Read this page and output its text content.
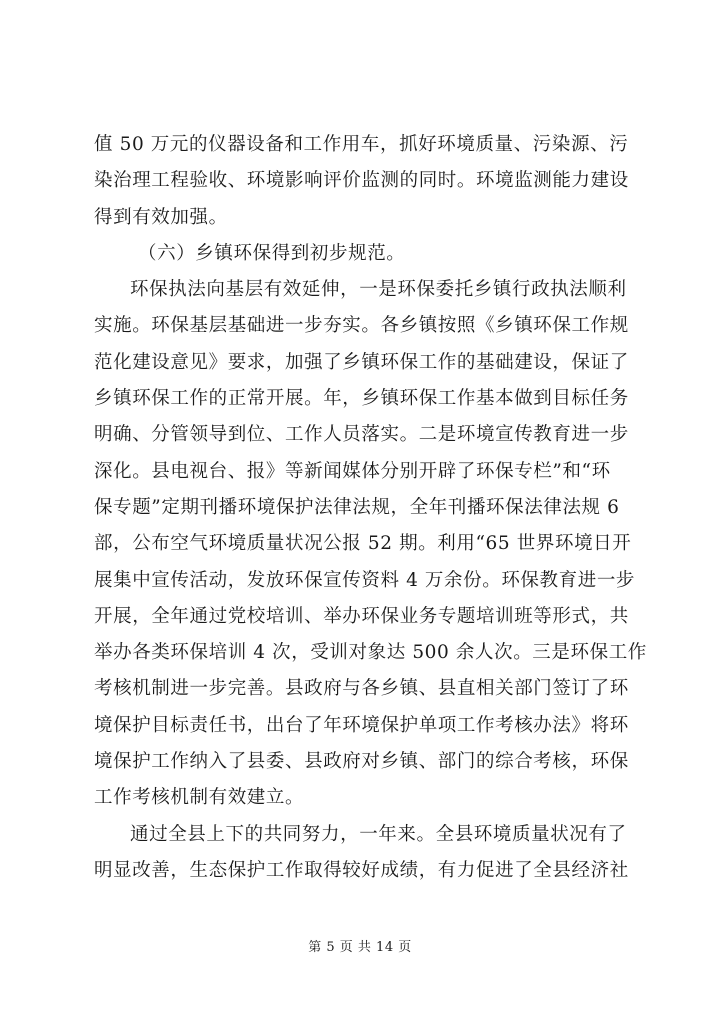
值 50 万元的仪器设备和工作用车，抓好环境质量、污染源、污
染治理工程验收、环境影响评价监测的同时。环境监测能力建设
得到有效加强。
（六）乡镇环保得到初步规范。
环保执法向基层有效延伸，一是环保委托乡镇行政执法顺利
实施。环保基层基础进一步夯实。各乡镇按照《乡镇环保工作规
范化建设意见》要求，加强了乡镇环保工作的基础建设，保证了
乡镇环保工作的正常开展。年，乡镇环保工作基本做到目标任务
明确、分管领导到位、工作人员落实。二是环境宣传教育进一步
深化。县电视台、报》等新闻媒体分别开辟了环保专栏”和“环
保专题”定期刊播环境保护法律法规，全年刊播环保法律法规 6
部，公布空气环境质量状况公报 52 期。利用“65 世界环境日开
展集中宣传活动，发放环保宣传资料 4 万余份。环保教育进一步
开展，全年通过党校培训、举办环保业务专题培训班等形式，共
举办各类环保培训 4 次，受训对象达 500 余人次。三是环保工作
考核机制进一步完善。县政府与各乡镇、县直相关部门签订了环
境保护目标责任书，出台了年环境保护单项工作考核办法》将环
境保护工作纳入了县委、县政府对乡镇、部门的综合考核，环保
工作考核机制有效建立。
通过全县上下的共同努力，一年来。全县环境质量状况有了
明显改善，生态保护工作取得较好成绩，有力促进了全县经济社
第 5 页 共 14 页
